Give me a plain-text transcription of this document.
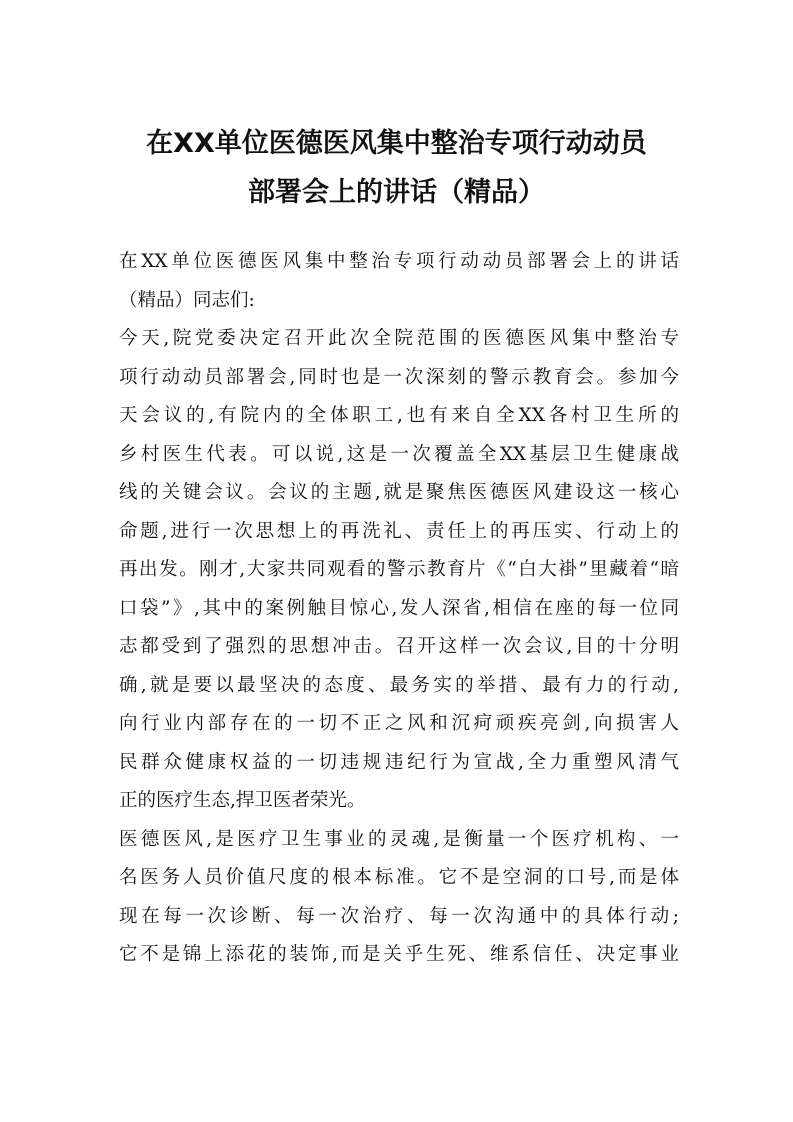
在XX单位医德医风集中整治专项行动动员
部署会上的讲话（精品）
在XX单位医德医风集中整治专项行动动员部署会上的讲话
（精品）同志们:
今天,院党委决定召开此次全院范围的医德医风集中整治专
项行动动员部署会,同时也是一次深刻的警示教育会。参加今
天会议的,有院内的全体职工,也有来自全XX各村卫生所的
乡村医生代表。可以说,这是一次覆盖全XX基层卫生健康战
线的关键会议。会议的主题,就是聚焦医德医风建设这一核心
命题,进行一次思想上的再洗礼、责任上的再压实、行动上的
再出发。刚才,大家共同观看的警示教育片《“白大褂”里藏着“暗
口袋”》,其中的案例触目惊心,发人深省,相信在座的每一位同
志都受到了强烈的思想冲击。召开这样一次会议,目的十分明
确,就是要以最坚决的态度、最务实的举措、最有力的行动,
向行业内部存在的一切不正之风和沉疴顽疾亮剑,向损害人
民群众健康权益的一切违规违纪行为宣战,全力重塑风清气
正的医疗生态,捍卫医者荣光。
医德医风,是医疗卫生事业的灵魂,是衡量一个医疗机构、一
名医务人员价值尺度的根本标准。它不是空洞的口号,而是体
现在每一次诊断、每一次治疗、每一次沟通中的具体行动;
它不是锦上添花的装饰,而是关乎生死、维系信任、决定事业
